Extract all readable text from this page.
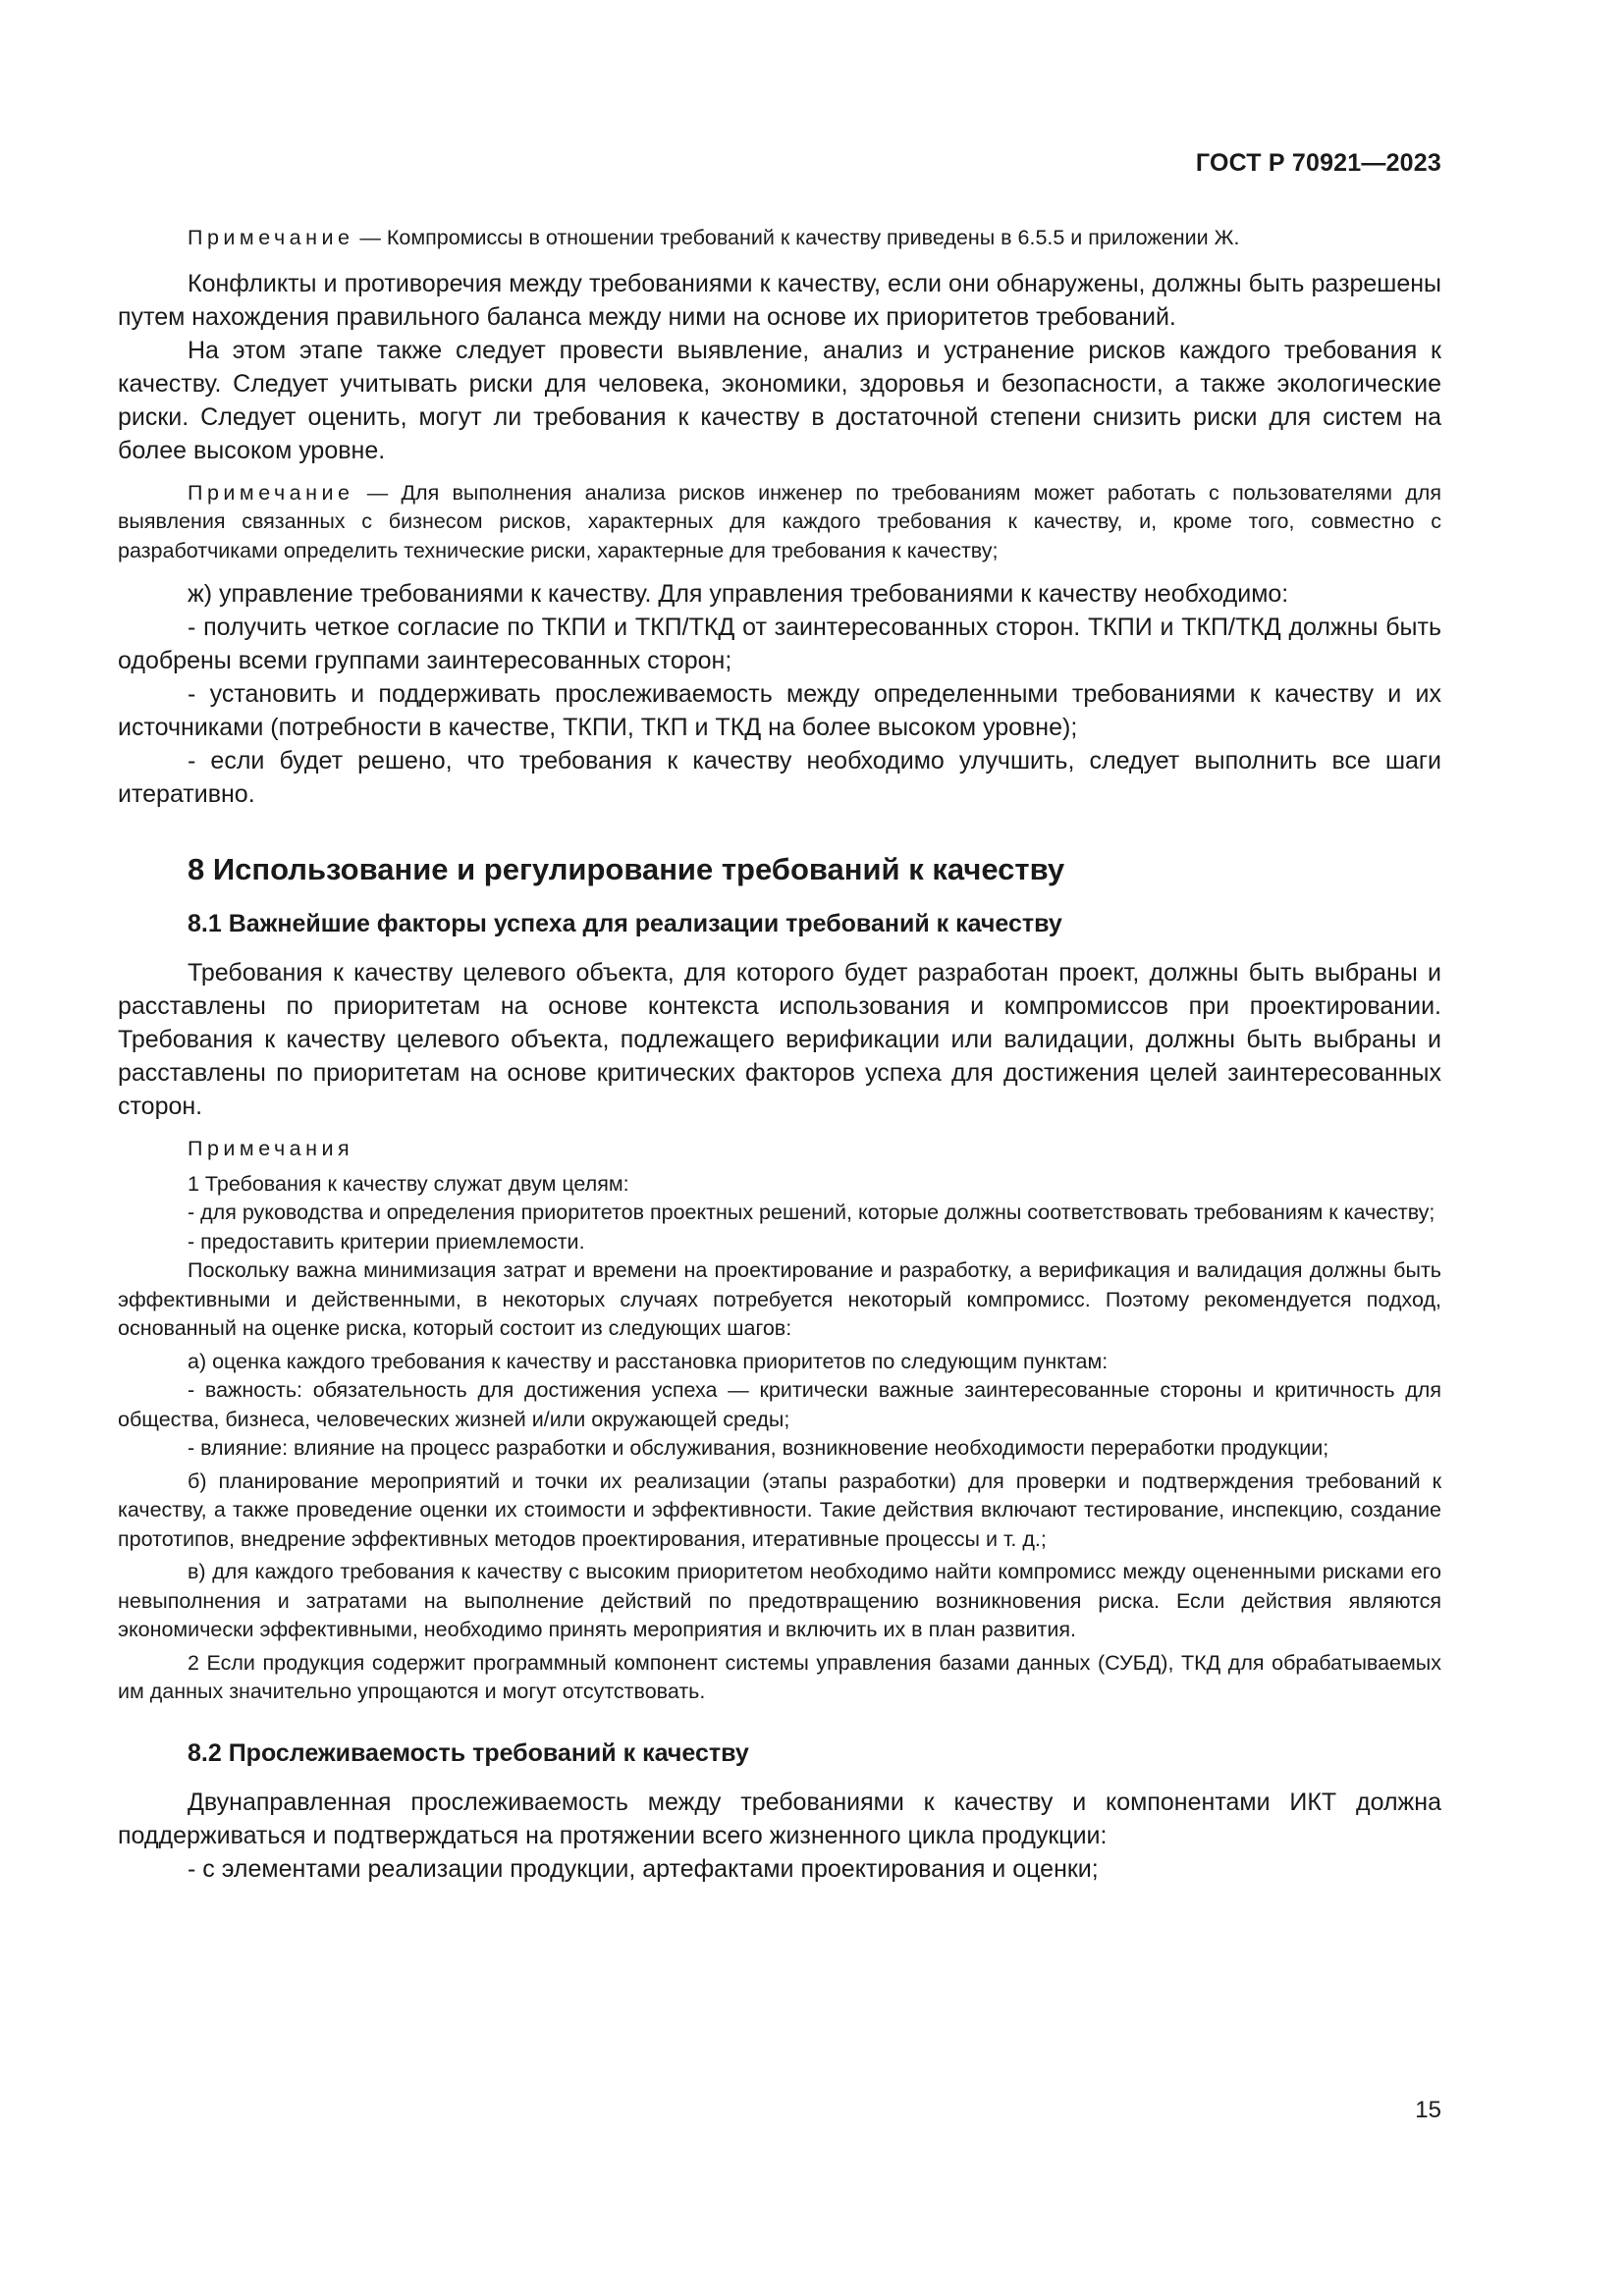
ГОСТ Р 70921—2023

Примечание — Компромиссы в отношении требований к качеству приведены в 6.5.5 и приложении Ж.

Конфликты и противоречия между требованиями к качеству, если они обнаружены, должны быть разрешены путем нахождения правильного баланса между ними на основе их приоритетов требований.

На этом этапе также следует провести выявление, анализ и устранение рисков каждого требования к качеству. Следует учитывать риски для человека, экономики, здоровья и безопасности, а также экологические риски. Следует оценить, могут ли требования к качеству в достаточной степени снизить риски для систем на более высоком уровне.

Примечание — Для выполнения анализа рисков инженер по требованиям может работать с пользователями для выявления связанных с бизнесом рисков, характерных для каждого требования к качеству, и, кроме того, совместно с разработчиками определить технические риски, характерные для требования к качеству;

ж) управление требованиями к качеству. Для управления требованиями к качеству необходимо:

- получить четкое согласие по ТКПИ и ТКП/ТКД от заинтересованных сторон. ТКПИ и ТКП/ТКД должны быть одобрены всеми группами заинтересованных сторон;

- установить и поддерживать прослеживаемость между определенными требованиями к качеству и их источниками (потребности в качестве, ТКПИ, ТКП и ТКД на более высоком уровне);

- если будет решено, что требования к качеству необходимо улучшить, следует выполнить все шаги итеративно.

8 Использование и регулирование требований к качеству
8.1 Важнейшие факторы успеха для реализации требований к качеству

Требования к качеству целевого объекта, для которого будет разработан проект, должны быть выбраны и расставлены по приоритетам на основе контекста использования и компромиссов при проектировании. Требования к качеству целевого объекта, подлежащего верификации или валидации, должны быть выбраны и расставлены по приоритетам на основе критических факторов успеха для достижения целей заинтересованных сторон.

Примечания

1 Требования к качеству служат двум целям:

- для руководства и определения приоритетов проектных решений, которые должны соответствовать требованиям к качеству;

- предоставить критерии приемлемости.

Поскольку важна минимизация затрат и времени на проектирование и разработку, а верификация и валидация должны быть эффективными и действенными, в некоторых случаях потребуется некоторый компромисс. Поэтому рекомендуется подход, основанный на оценке риска, который состоит из следующих шагов:

а) оценка каждого требования к качеству и расстановка приоритетов по следующим пунктам:

- важность: обязательность для достижения успеха — критически важные заинтересованные стороны и критичность для общества, бизнеса, человеческих жизней и/или окружающей среды;

- влияние: влияние на процесс разработки и обслуживания, возникновение необходимости переработки продукции;

б) планирование мероприятий и точки их реализации (этапы разработки) для проверки и подтверждения требований к качеству, а также проведение оценки их стоимости и эффективности. Такие действия включают тестирование, инспекцию, создание прототипов, внедрение эффективных методов проектирования, итеративные процессы и т. д.;

в) для каждого требования к качеству с высоким приоритетом необходимо найти компромисс между оцененными рисками его невыполнения и затратами на выполнение действий по предотвращению возникновения риска. Если действия являются экономически эффективными, необходимо принять мероприятия и включить их в план развития.

2 Если продукция содержит программный компонент системы управления базами данных (СУБД), ТКД для обрабатываемых им данных значительно упрощаются и могут отсутствовать.

8.2 Прослеживаемость требований к качеству

Двунаправленная прослеживаемость между требованиями к качеству и компонентами ИКТ должна поддерживаться и подтверждаться на протяжении всего жизненного цикла продукции:

- с элементами реализации продукции, артефактами проектирования и оценки;

15
